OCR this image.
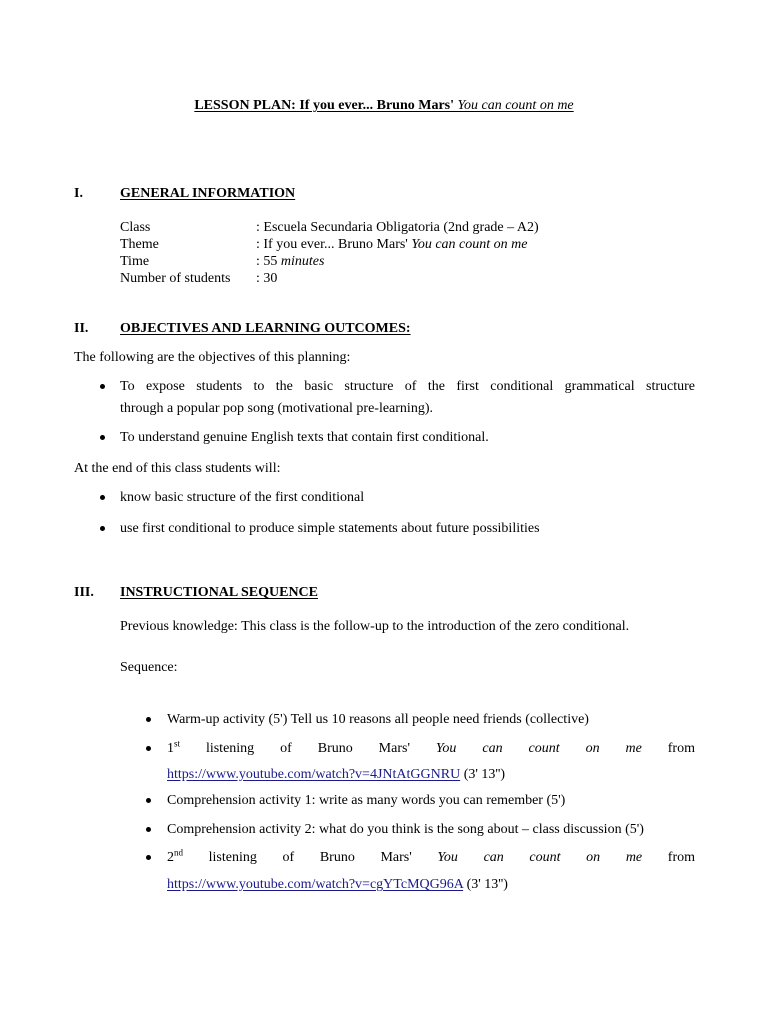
LESSON PLAN: If you ever... Bruno Mars' You can count on me
I.	GENERAL INFORMATION
Class	: Escuela Secundaria Obligatoria (2nd grade – A2)
Theme	: If you ever... Bruno Mars' You can count on me
Time	: 55 minutes
Number of students : 30
II. OBJECTIVES AND LEARNING OUTCOMES:
The following are the objectives of this planning:
To expose students to the basic structure of the first conditional grammatical structure
through a popular pop song (motivational pre-learning).
To understand genuine English texts that contain first conditional.
At the end of this class students will:
know basic structure of the first conditional
use first conditional to produce simple statements about future possibilities
III. INSTRUCTIONAL SEQUENCE
Previous knowledge: This class is the follow-up to the introduction of the zero conditional.
Sequence:
Warm-up activity (5') Tell us 10 reasons all people need friends (collective)
1st listening of Bruno Mars' You can count on me from
https://www.youtube.com/watch?v=4JNtAtGGNRU (3' 13'')
Comprehension activity 1: write as many words you can remember (5')
Comprehension activity 2: what do you think is the song about – class discussion (5')
2nd listening of Bruno Mars' You can count on me from
https://www.youtube.com/watch?v=cgYTcMQG96A (3' 13'')
